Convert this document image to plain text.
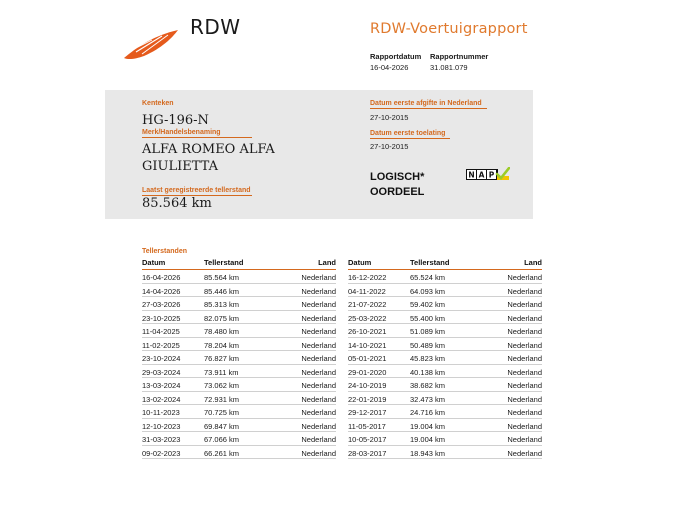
RDW	RDW-Voertuigrapport
Rapportdatum Rapportnummer
16-04-2026	31.081.079
Kenteken
HG-196-N
Merk/Handelsbenaming
ALFA ROMEO ALFA
GIULIETTA
Laatst geregistreerde tellerstand
85.564 km
Datum eerste afgifte in Nederland
27-10-2015
Datum eerste toelating
27-10-2015
LOGISCH*
OORDEEL
N A P
Tellerstanden
Datum	Tellerstand	Land
16-04-2026	85.564 km	Nederland
14-04-2026	85.446 km	Nederland
27-03-2026	85.313 km	Nederland
23-10-2025	82.075 km	Nederland
11-04-2025	78.480 km	Nederland
11-02-2025	78.204 km	Nederland
23-10-2024	76.827 km	Nederland
29-03-2024	73.911 km	Nederland
13-03-2024	73.062 km	Nederland
13-02-2024	72.931 km	Nederland
10-11-2023	70.725 km	Nederland
12-10-2023	69.847 km	Nederland
31-03-2023	67.066 km	Nederland
09-02-2023	66.261 km	Nederland
Datum	Tellerstand	Land
16-12-2022	65.524 km	Nederland
04-11-2022	64.093 km	Nederland
21-07-2022	59.402 km	Nederland
25-03-2022	55.400 km	Nederland
26-10-2021	51.089 km	Nederland
14-10-2021	50.489 km	Nederland
05-01-2021	45.823 km	Nederland
29-01-2020	40.138 km	Nederland
24-10-2019	38.682 km	Nederland
22-01-2019	32.473 km	Nederland
29-12-2017	24.716 km	Nederland
11-05-2017	19.004 km	Nederland
10-05-2017	19.004 km	Nederland
28-03-2017	18.943 km	Nederland
